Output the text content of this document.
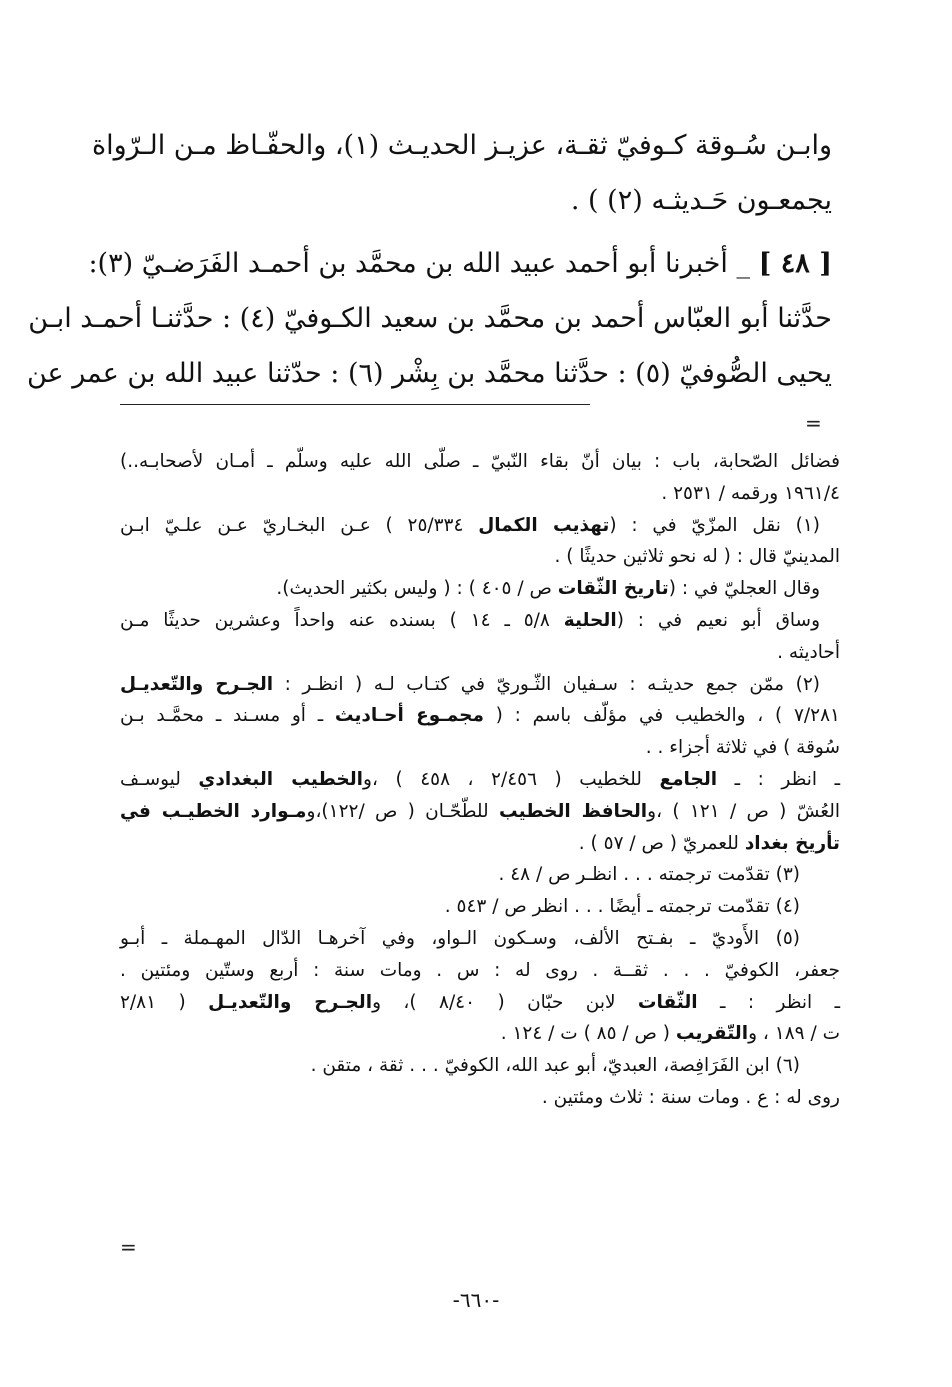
وابـن سُـوقة كـوفيّ ثقـة، عزيـز الحديـث (١)، والحفّـاظ مـن الـرّواة
يجمعـون حَـديثـه (٢) ) .
[ ٤٨ ] _ أخبرنا أبو أحمد عبيد الله بن محمَّد بن أحمـد الفَرَضـيّ (٣):
حدَّثنا أبو العبّاس أحمد بن محمَّد بن سعيد الكـوفيّ (٤) : حدَّثنـا أحمـد ابـن
يحيى الصُّوفيّ (٥) : حدَّثنا محمَّد بن بِشْر (٦) : حدّثنا عبيد الله بن عمر عن
=
فضائل الصّحابة، باب : بيان أنّ بقاء النّبيّ ـ صلّى الله عليه وسلّم ـ أمـان لأصحابـه..)
١٩٦١/٤ ورقمه / ٢٥٣١ .
(١) نقل المزّيّ في : (تهذيب الكمال ٢٥/٣٣٤ ) عـن البخـاريّ عـن علـيّ ابـن
المدينيّ قال : ( له نحو ثلاثين حديثًا ) .
وقال العجليّ في : (تاريخ الثّقات ص / ٤٠٥ ) : ( وليس بكثير الحديث).
وساق أبو نعيم في : (الحلية ٥/٨ ـ ١٤ ) بسنده عنه واحداً وعشرين حديثًا مـن
أحاديثه .
(٢) ممّن جمع حديثـه : سـفيان الثّـوريّ في كتـاب لـه ( انظـر : الجـرح والتّعديـل
٧/٢٨١ ) ، والخطيب في مؤلّف باسم : ( مجمـوع أحـاديث ـ أو مسـند ـ محمَّـد بـن
سُوقة ) في ثلاثة أجزاء . .
ـ انظر : ـ الجامع للخطيب ( ٢/٤٥٦ ، ٤٥٨ ) ،والخطيب البغدادي ليوسـف
العُشّ ( ص / ١٢١ ) ،والحافظ الخطيب للطّحّـان ( ص /١٢٢)،ومـوارد الخطيـب في
تأريخ بغداد للعمريّ ( ص / ٥٧ ) .
(٣) تقدّمت ترجمته . . . انظـر ص / ٤٨ .
(٤) تقدّمت ترجمته ـ أيضًا . . . انظر ص / ٥٤٣ .
(٥) الأَوديّ ـ بفـتح الألف، وسـكون الـواو، وفي آخرهـا الدّال المهـملة ـ أبـو
جعفر، الكوفيّ . . . ثقــة . روى له : س . ومات سنة : أربع وستّين ومئتين .
ـ انظر : ـ الثّقات لابن حبّان ( ٨/٤٠ )، والجـرح والتّعديـل ( ٢/٨١
ت / ١٨٩ ، والتّقريب ( ص / ٨٥ ) ت / ١٢٤ .
(٦) ابن الفَرَافِصة، العبديّ، أبو عبد الله، الكوفيّ . . . ثقة ، متقن .
روى له : ع . ومات سنة : ثلاث ومئتين .
=
-٦٦٠-
